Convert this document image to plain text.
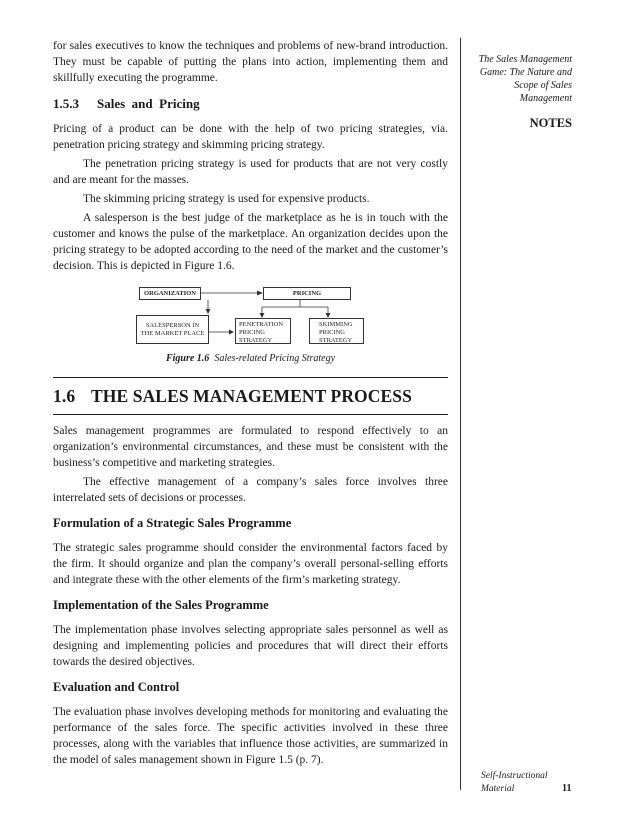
for sales executives to know the techniques and problems of new-brand introduction. They must be capable of putting the plans into action, implementing them and skillfully executing the programme.

1.5.3 Sales  and  Pricing

Pricing of a product can be done with the help of two pricing strategies, via. penetration pricing strategy and skimming pricing strategy.

The penetration pricing strategy is used for products that are not very costly and are meant for the masses.

The skimming pricing strategy is used for expensive products.

A salesperson is the best judge of the marketplace as he is in touch with the customer and knows the pulse of the marketplace. An organization decides upon the pricing strategy to be adopted according to the need of the market and the customer’s decision. This is depicted in Figure 1.6.

ORGANIZATION	PRICING
SALESPERSON IN
THE MARKET PLACE
PENETRATION
PRICING
STRATEGY
SKIMMING
PRICING
STRATEGY
Figure 1.6 Sales-related Pricing Strategy
1.6 THE SALES MANAGEMENT PROCESS

Sales management programmes are formulated to respond effectively to an organization’s environmental circumstances, and these must be consistent with the business’s competitive and marketing strategies.

The effective management of a company’s sales force involves three interrelated sets of decisions or processes.

Formulation of a Strategic Sales Programme

The strategic sales programme should consider the environmental factors faced by the firm. It should organize and plan the company’s overall personal-selling efforts and integrate these with the other elements of the firm’s marketing strategy.

Implementation of the Sales Programme

The implementation phase involves selecting appropriate sales personnel as well as designing and implementing policies and procedures that will direct their efforts towards the desired objectives.

Evaluation and Control

The evaluation phase involves developing methods for monitoring and evaluating the performance of the sales force. The specific activities involved in these three processes, along with the variables that influence those activities, are summarized in the model of sales management shown in Figure 1.5 (p. 7).

The Sales Management
Game: The Nature and
Scope of Sales
Management
NOTES
Self-Instructional
Material	11
